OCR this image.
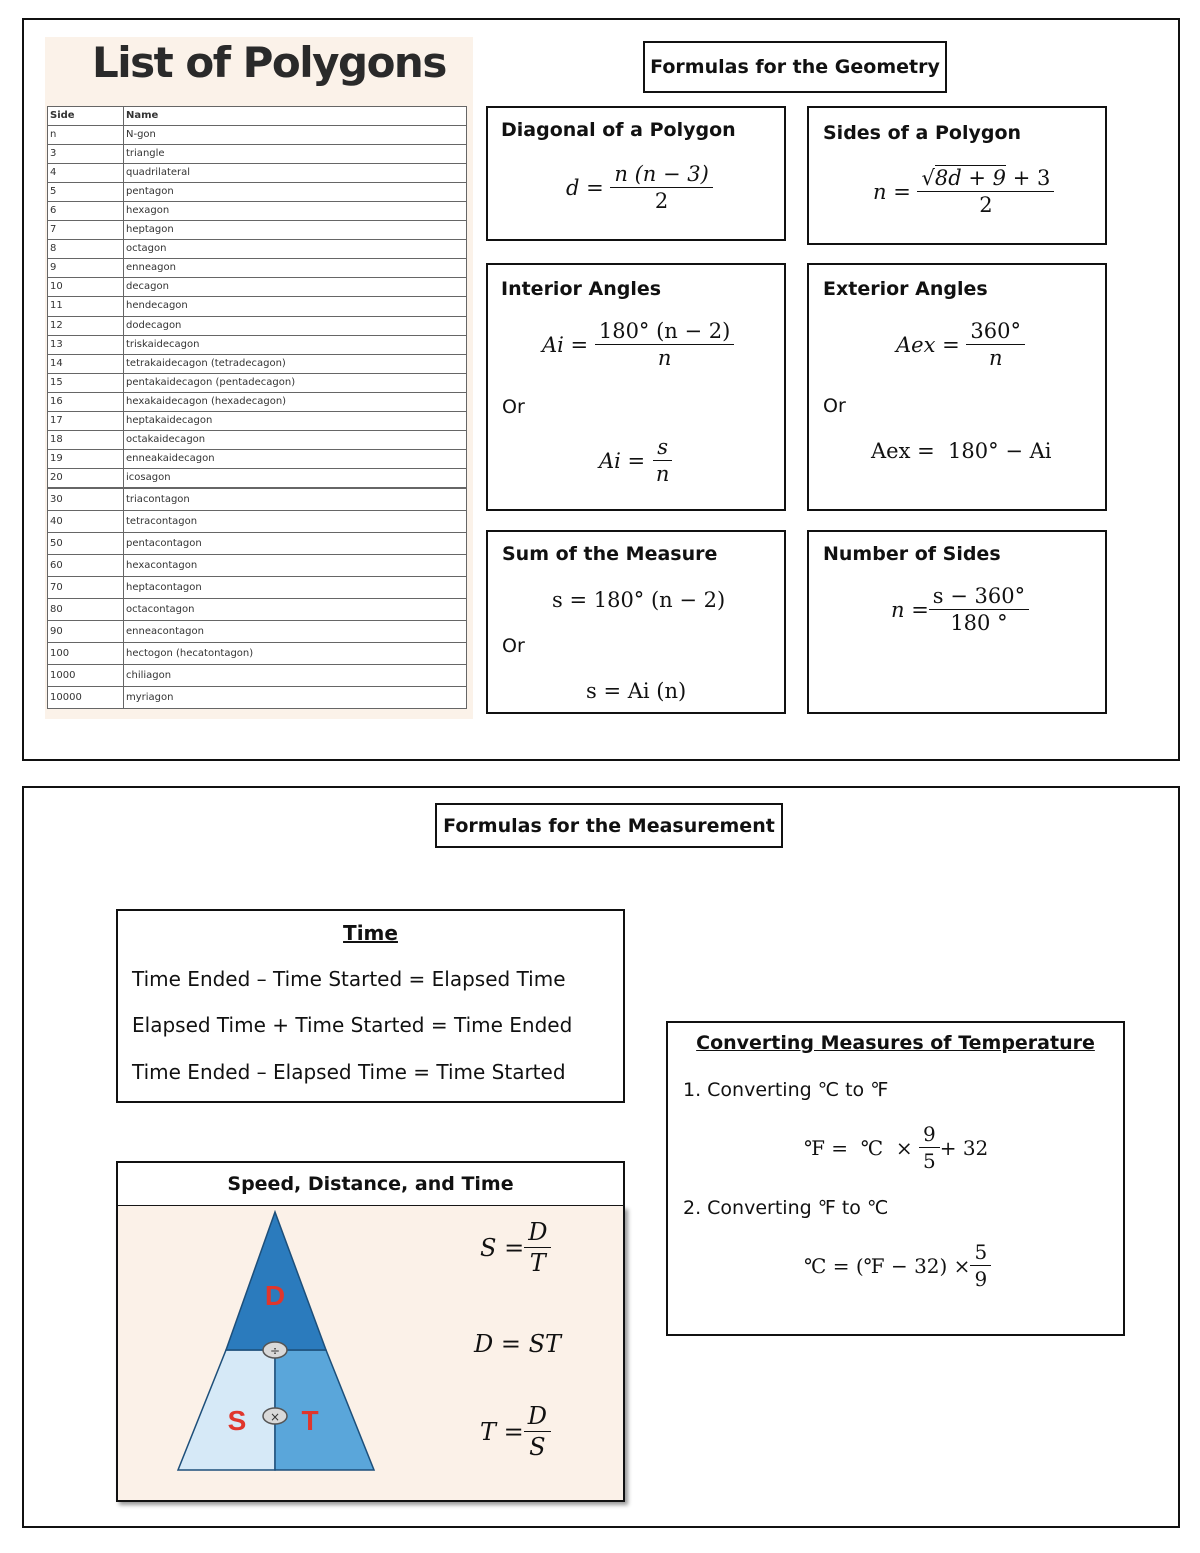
List of Polygons
Side	Name
n	N-gon
3	triangle
4	quadrilateral
5	pentagon
6	hexagon
7	heptagon
8	octagon
9	enneagon
10	decagon
11	hendecagon
12	dodecagon
13	triskaidecagon
14	tetrakaidecagon (tetradecagon)
15	pentakaidecagon (pentadecagon)
16	hexakaidecagon (hexadecagon)
17	heptakaidecagon
18	octakaidecagon
19	enneakaidecagon
20	icosagon
30	triacontagon
40	tetracontagon
50	pentacontagon
60	hexacontagon
70	heptacontagon
80	octacontagon
90	enneacontagon
100	hectogon (hecatontagon)
1000	chiliagon
10000	myriagon
Formulas for the Geometry
Diagonal of a Polygon
d =
$\frac{n (n - 3)}{2}$
Sides of a Polygon
n =
$\frac{√8d + 9 + 3}{2}$
Interior Angles
Ai =
$\frac{180^\circ (n - 2)}{n}$
Or
Ai =
$\frac{s}{n}$
Exterior Angles
Aex =
$\frac{360^\circ}{n}$
Or
Aex =  180° − Ai
Sum of the Measure
s = 180° (n − 2)
Or
s = Ai (n)
Number of Sides
$n = \frac{s - 360^\circ}{180 ^\circ}$
Formulas for the Measurement
Time
Time Ended – Time Started = Elapsed Time
Elapsed Time + Time Started = Time Ended
Time Ended – Elapsed Time = Time Started
Speed, Distance, and Time
÷
×
D
S T
$S = \frac{D}{T}$
D = ST
$T = \frac{D}{S}$
Converting Measures of Temperature
1. Converting ℃ to ℉
℉ =  ℃  ×
$\frac{9}{5} + 32$
2. Converting ℉ to ℃
℃ = (℉ − $32) \times \frac{5}{9}$
